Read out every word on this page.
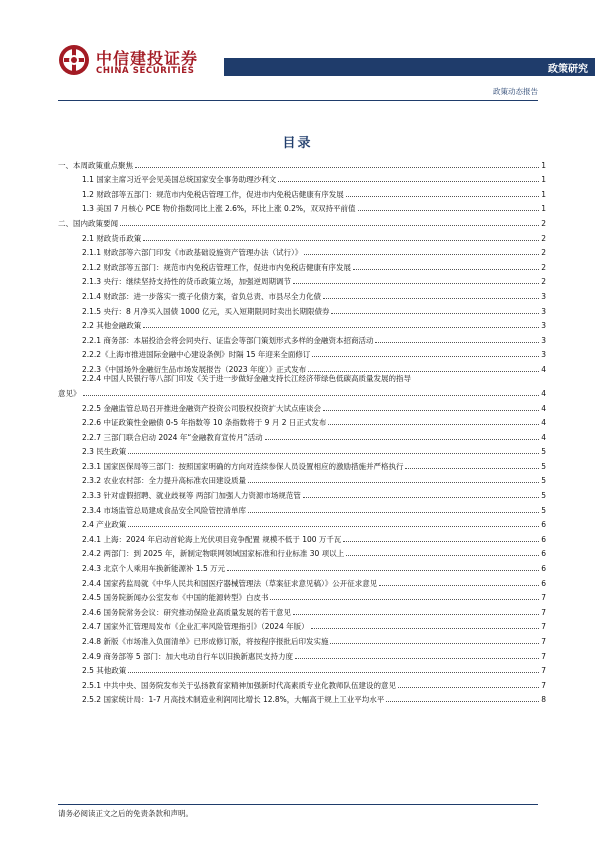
中信建投证券
CHINA SECURITIES	政策研究
政策动态报告
目录
一、本周政策重点聚焦	1
1.1 国家主席习近平会见美国总统国家安全事务助理沙利文	1
1.2 财政部等五部门：规范市内免税店管理工作，促进市内免税店健康有序发展	1
1.3 美国 7 月核心 PCE 物价指数同比上涨 2.6%，环比上涨 0.2%，双双持平前值	1
二、国内政策要闻	2
2.1 财政货币政策	2
2.1.1 财政部等六部门印发《市政基础设施资产管理办法（试行）》	2
2.1.2 财政部等五部门：规范市内免税店管理工作，促进市内免税店健康有序发展	2
2.1.3 央行：继续坚持支持性的货币政策立场，加强逆周期调节	2
2.1.4 财政部：进一步落实一揽子化债方案，省负总责、市县尽全力化债	3
2.1.5 央行：8 月净买入国债 1000 亿元，买入短期限同时卖出长期限债券	3
2.2 其他金融政策	3
2.2.1 商务部：本届投洽会将会同央行、证监会等部门策划形式多样的金融资本招商活动	3
2.2.2《上海市推进国际金融中心建设条例》时隔 15 年迎来全面修订	3
2.2.3《中国场外金融衍生品市场发展报告（2023 年度）》正式发布	4
2.2.4 中国人民银行等八部门印发《关于进一步做好金融支持长江经济带绿色低碳高质量发展的指导
意见》	4
2.2.5 金融监管总局召开推进金融资产投资公司股权投资扩大试点座谈会	4
2.2.6 中证政策性金融债 0-5 年指数等 10 条指数将于 9 月 2 日正式发布	4
2.2.7 三部门联合启动 2024 年“金融教育宣传月”活动	4
2.3 民生政策	5
2.3.1 国家医保局等三部门：按照国家明确的方向对连续参保人员设置相应的激励措施并严格执行	5
2.3.2 农业农村部：全力提升高标准农田建设质量	5
2.3.3 针对虚假招聘、就业歧视等 两部门加强人力资源市场规范管	5
2.3.4 市场监管总局建成食品安全风险管控清单库	5
2.4 产业政策	6
2.4.1 上海：2024 年启动首轮海上光伏项目竞争配置 规模不低于 100 万千瓦	6
2.4.2 两部门：到 2025 年，新制定物联网领域国家标准和行业标准 30 项以上	6
2.4.3 北京个人乘用车换新能源补 1.5 万元	6
2.4.4 国家药监局就《中华人民共和国医疗器械管理法（草案征求意见稿）》公开征求意见	6
2.4.5 国务院新闻办公室发布《中国的能源转型》白皮书	7
2.4.6 国务院常务会议：研究推动保险业高质量发展的若干意见	7
2.4.7 国家外汇管理局发布《企业汇率风险管理指引》（2024 年版）	7
2.4.8 新版《市场准入负面清单》已形成修订版，将按程序报批后印发实施	7
2.4.9 商务部等 5 部门：加大电动自行车以旧换新惠民支持力度	7
2.5 其他政策	7
2.5.1 中共中央、国务院发布关于弘扬教育家精神加强新时代高素质专业化教师队伍建设的意见	7
2.5.2 国家统计局：1-7 月高技术制造业利润同比增长 12.8%，大幅高于规上工业平均水平	8
请务必阅读正文之后的免责条款和声明。
